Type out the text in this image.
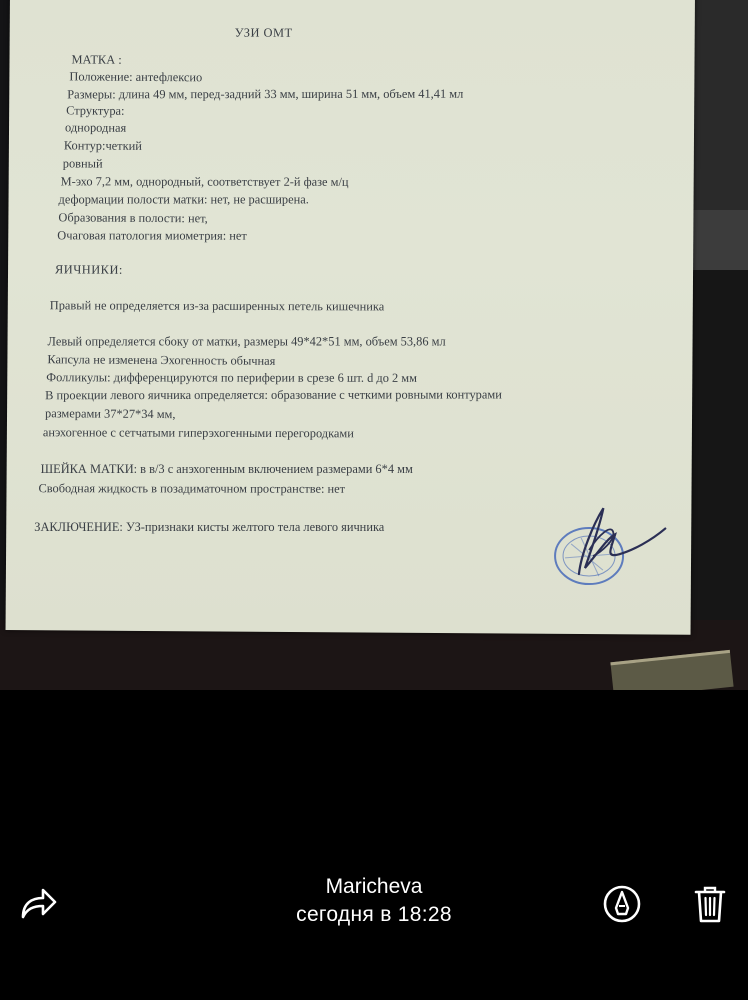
УЗИ ОМТ
МАТКА :
Положение: антефлексио
Размеры: длина 49 мм, перед-задний 33 мм, ширина 51 мм, объем 41,41 мл
Структура:
однородная
Контур:четкий
ровный
М-эхо 7,2 мм, однородный, соответствует 2-й фазе м/ц
деформации полости матки: нет, не расширена.
Образования в полости: нет,
Очаговая патология миометрия: нет
ЯИЧНИКИ:
Правый не определяется из-за расширенных петель кишечника
Левый определяется сбоку от матки, размеры 49*42*51 мм, объем 53,86 мл
Капсула не изменена Эхогенность обычная
Фолликулы: дифференцируются по периферии в срезе 6 шт. d до 2 мм
В проекции левого яичника определяется: образование с четкими ровными контурами
размерами 37*27*34 мм,
анэхогенное с сетчатыми гиперэхогенными перегородками
ШЕЙКА МАТКИ: в в/3 с анэхогенным включением размерами 6*4 мм
Свободная жидкость в позадиматочном пространстве: нет
ЗАКЛЮЧЕНИЕ: УЗ-признаки кисты желтого тела левого яичника
Maricheva
сегодня в 18:28
